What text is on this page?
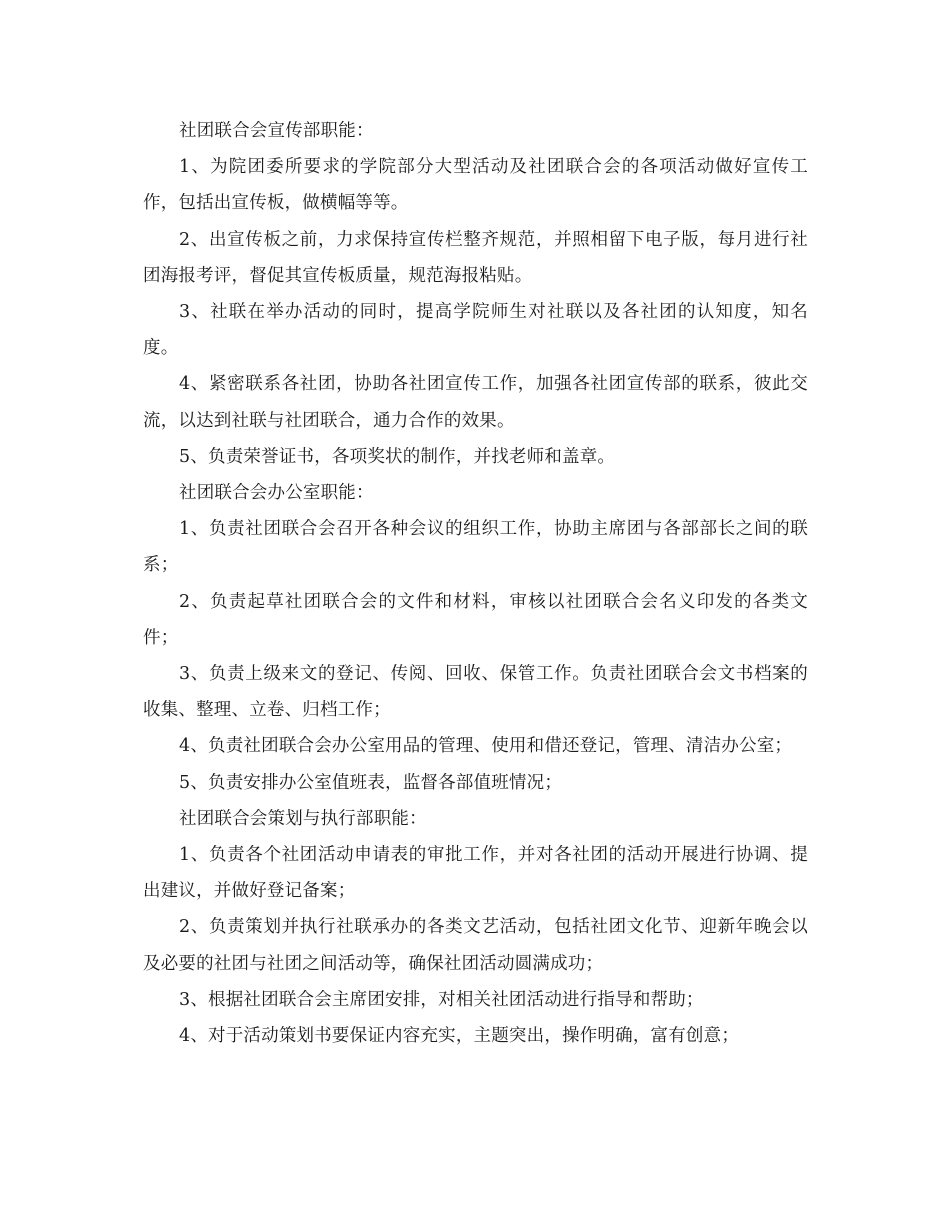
社团联合会宣传部职能：

1、为院团委所要求的学院部分大型活动及社团联合会的各项活动做好宣传工作，包括出宣传板，做横幅等等。

2、出宣传板之前，力求保持宣传栏整齐规范，并照相留下电子版，每月进行社团海报考评，督促其宣传板质量，规范海报粘贴。

3、社联在举办活动的同时，提高学院师生对社联以及各社团的认知度，知名度。

4、紧密联系各社团，协助各社团宣传工作，加强各社团宣传部的联系，彼此交流，以达到社联与社团联合，通力合作的效果。

5、负责荣誉证书，各项奖状的制作，并找老师和盖章。

社团联合会办公室职能：

1、负责社团联合会召开各种会议的组织工作，协助主席团与各部部长之间的联系；

2、负责起草社团联合会的文件和材料，审核以社团联合会名义印发的各类文件；

3、负责上级来文的登记、传阅、回收、保管工作。负责社团联合会文书档案的收集、整理、立卷、归档工作；

4、负责社团联合会办公室用品的管理、使用和借还登记，管理、清洁办公室；

5、负责安排办公室值班表，监督各部值班情况；

社团联合会策划与执行部职能：

1、负责各个社团活动申请表的审批工作，并对各社团的活动开展进行协调、提出建议，并做好登记备案；

2、负责策划并执行社联承办的各类文艺活动，包括社团文化节、迎新年晚会以及必要的社团与社团之间活动等，确保社团活动圆满成功；

3、根据社团联合会主席团安排，对相关社团活动进行指导和帮助；

4、对于活动策划书要保证内容充实，主题突出，操作明确，富有创意；
